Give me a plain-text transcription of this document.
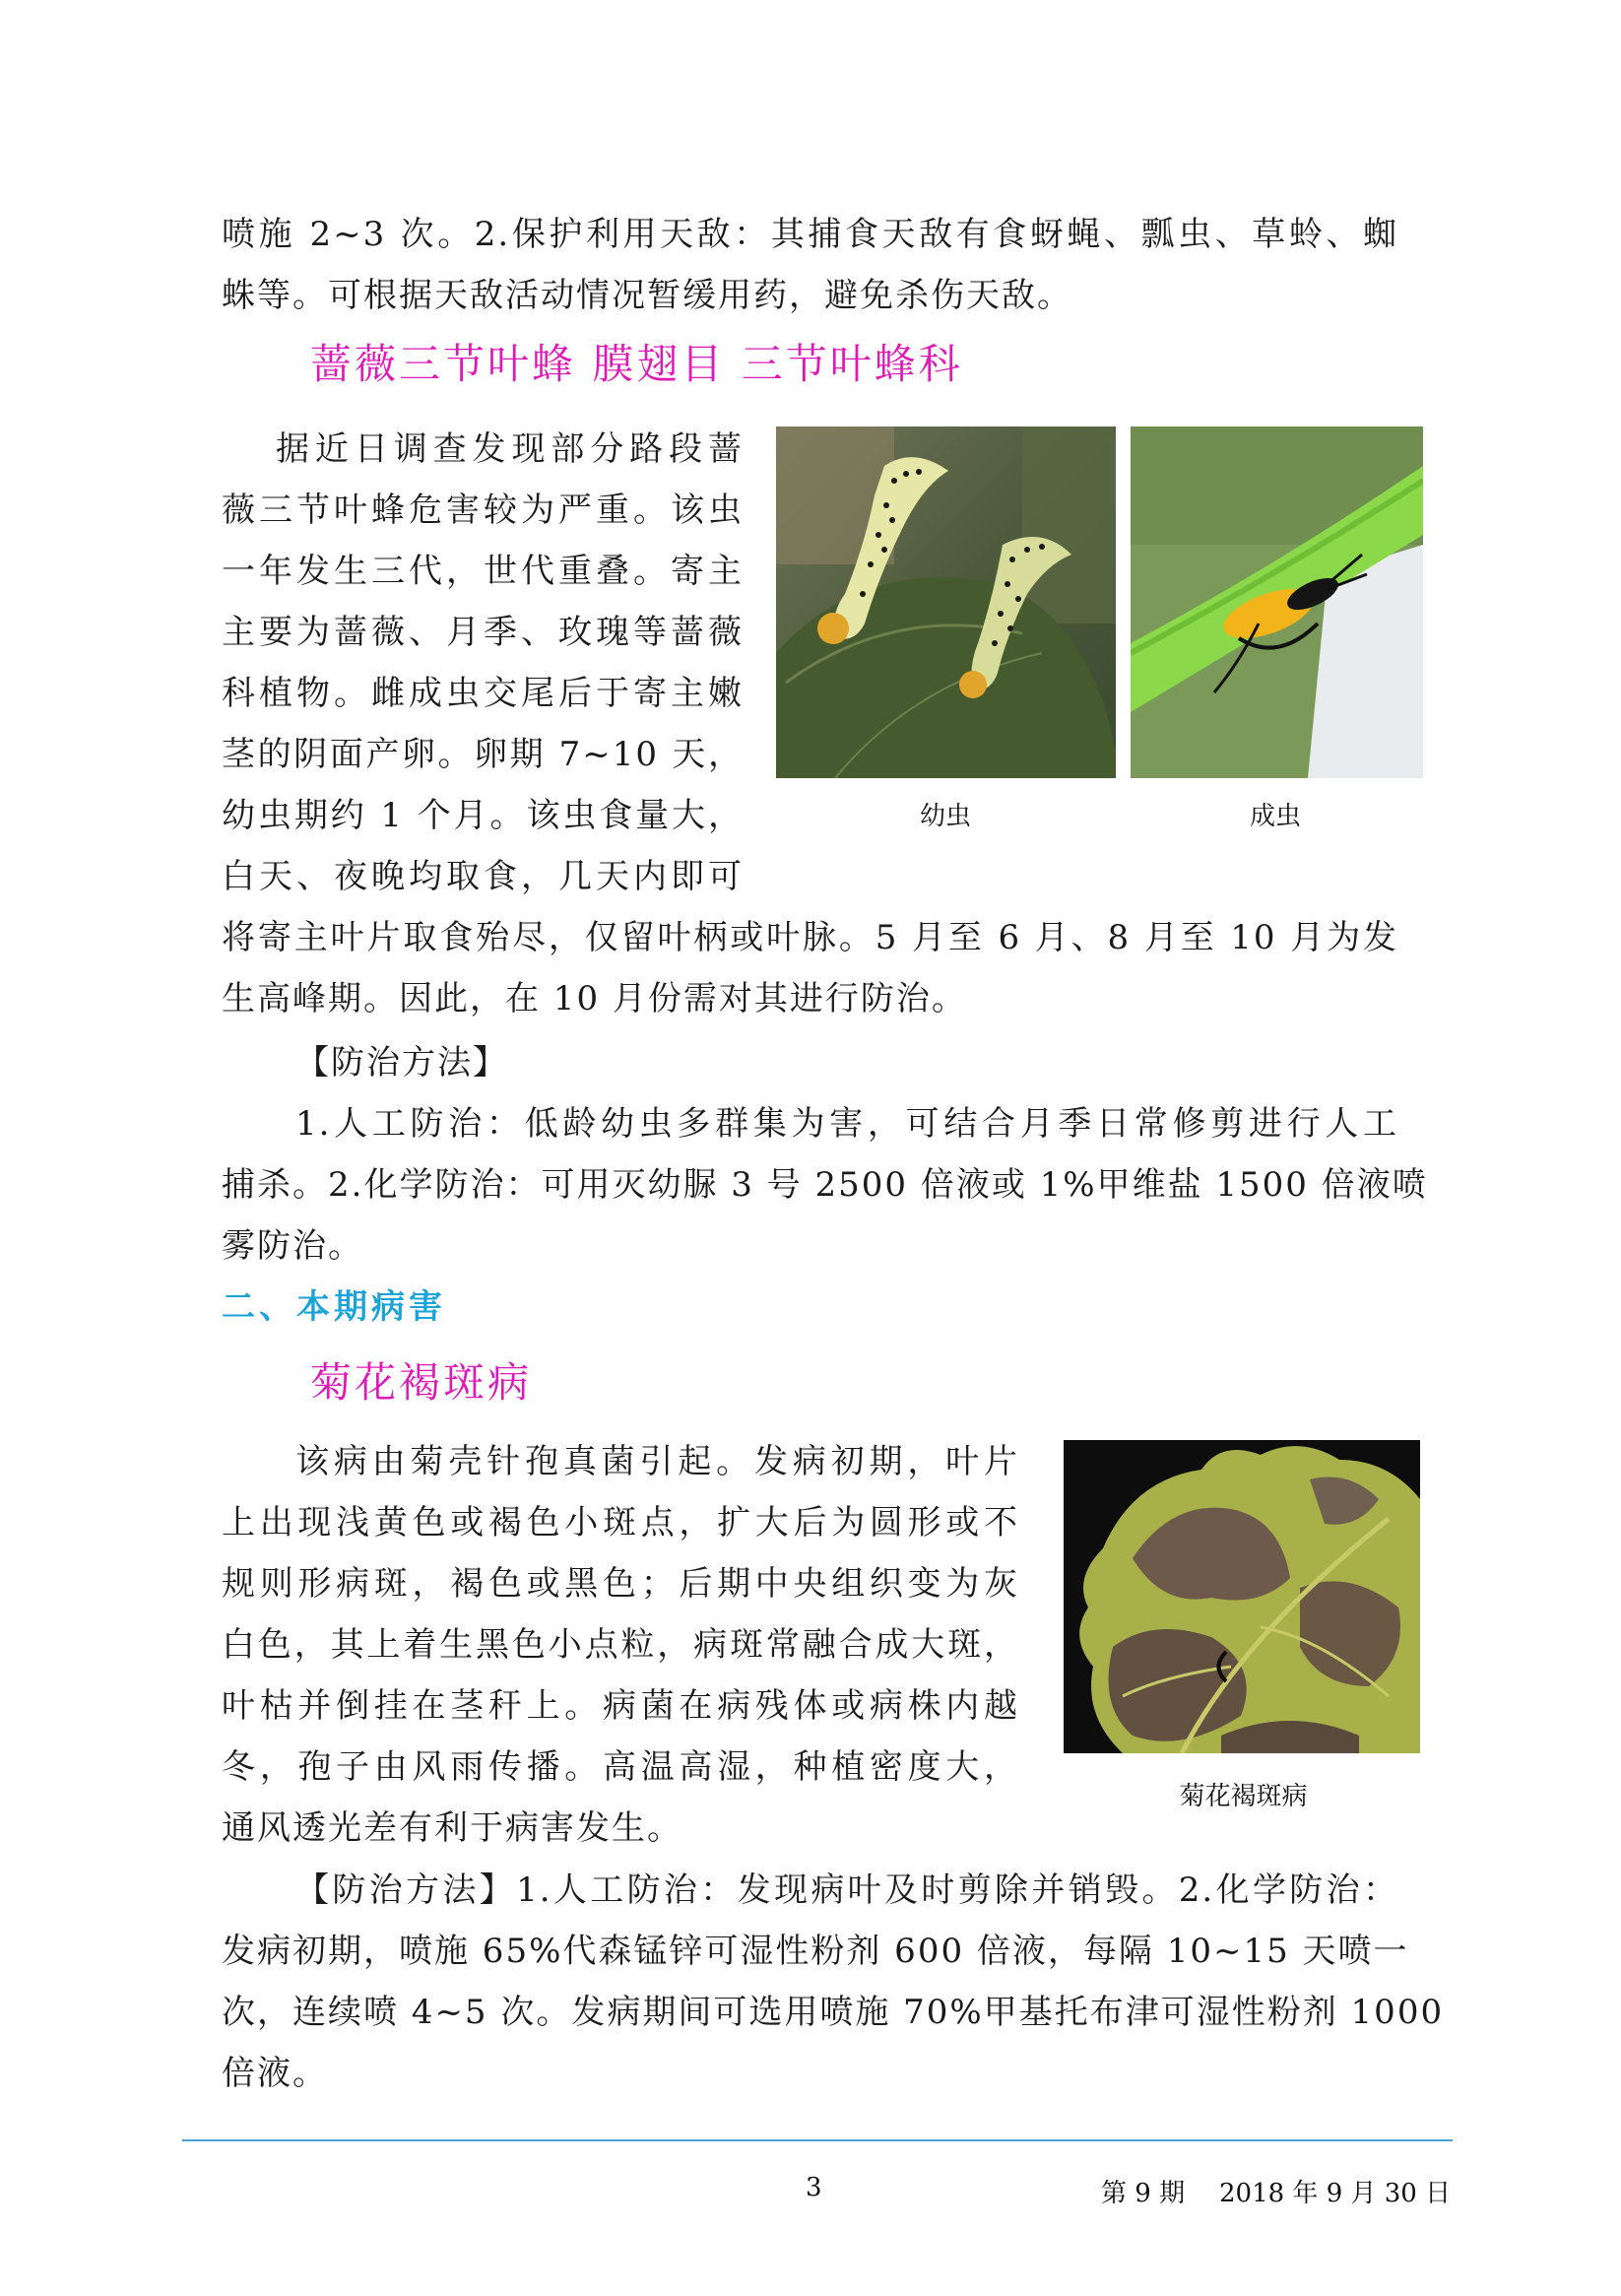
喷施 2~3 次。2.保护利用天敌：其捕食天敌有食蚜蝇、瓢虫、草蛉、蜘
蛛等。可根据天敌活动情况暂缓用药，避免杀伤天敌。
蔷薇三节叶蜂 膜翅目 三节叶蜂科
据近日调查发现部分路段蔷
薇三节叶蜂危害较为严重。该虫
一年发生三代，世代重叠。寄主
主要为蔷薇、月季、玫瑰等蔷薇
科植物。雌成虫交尾后于寄主嫩
茎的阴面产卵。卵期 7~10 天，
幼虫期约 1 个月。该虫食量大，
白天、夜晚均取食，几天内即可
将寄主叶片取食殆尽，仅留叶柄或叶脉。5 月至 6 月、8 月至 10 月为发
生高峰期。因此，在 10 月份需对其进行防治。
幼虫	成虫
【防治方法】
1.人工防治：低龄幼虫多群集为害，可结合月季日常修剪进行人工
捕杀。2.化学防治：可用灭幼脲 3 号 2500 倍液或 1%甲维盐 1500 倍液喷
雾防治。
二、本期病害
菊花褐斑病
该病由菊壳针孢真菌引起。发病初期，叶片
上出现浅黄色或褐色小斑点，扩大后为圆形或不
规则形病斑，褐色或黑色；后期中央组织变为灰
白色，其上着生黑色小点粒，病斑常融合成大斑，
叶枯并倒挂在茎秆上。病菌在病残体或病株内越
冬，孢子由风雨传播。高温高湿，种植密度大，
通风透光差有利于病害发生。
菊花褐斑病
【防治方法】1.人工防治：发现病叶及时剪除并销毁。2.化学防治：
发病初期，喷施 65%代森锰锌可湿性粉剂 600 倍液，每隔 10~15 天喷一
次，连续喷 4~5 次。发病期间可选用喷施 70%甲基托布津可湿性粉剂 1000
倍液。
3	第 9 期 2018 年 9 月 30 日
